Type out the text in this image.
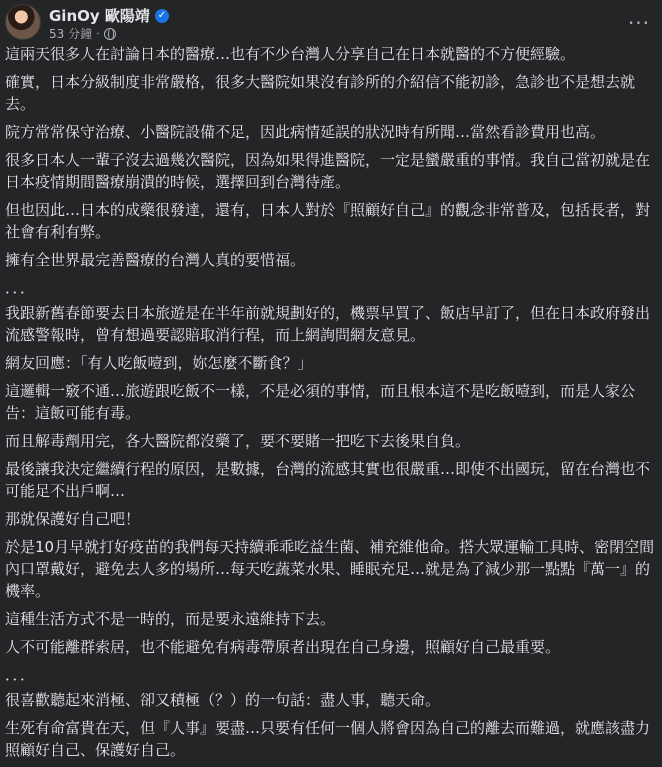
GinOy 歐陽靖 ✓
53 分鐘 ·	···

這兩天很多人在討論日本的醫療…也有不少台灣人分享自己在日本就醫的不方便經驗。

確實，日本分級制度非常嚴格，很多大醫院如果沒有診所的介紹信不能初診，急診也不是想去就去。

院方常常保守治療、小醫院設備不足，因此病情延誤的狀況時有所聞…當然看診費用也高。

很多日本人一輩子沒去過幾次醫院，因為如果得進醫院，一定是蠻嚴重的事情。我自己當初就是在日本疫情期間醫療崩潰的時候，選擇回到台灣待產。

但也因此…日本的成藥很發達，還有，日本人對於『照顧好自己』的觀念非常普及，包括長者，對社會有利有弊。

擁有全世界最完善醫療的台灣人真的要惜福。

．．．

我跟新舊春節要去日本旅遊是在半年前就規劃好的，機票早買了、飯店早訂了，但在日本政府發出流感警報時，曾有想過要認賠取消行程，而上網詢問網友意見。

網友回應：「有人吃飯噎到，妳怎麼不斷食？」

這邏輯一竅不通…旅遊跟吃飯不一樣，不是必須的事情，而且根本這不是吃飯噎到，而是人家公告：這飯可能有毒。

而且解毒劑用完，各大醫院都沒藥了，要不要賭一把吃下去後果自負。

最後讓我決定繼續行程的原因，是數據，台灣的流感其實也很嚴重…即使不出國玩，留在台灣也不可能足不出戶啊…

那就保護好自己吧！

於是10月早就打好疫苗的我們每天持續乖乖吃益生菌、補充維他命。搭大眾運輸工具時、密閉空間內口罩戴好，避免去人多的場所…每天吃蔬菜水果、睡眠充足…就是為了減少那一點點『萬一』的機率。

這種生活方式不是一時的，而是要永遠維持下去。

人不可能離群索居，也不能避免有病毒帶原者出現在自己身邊，照顧好自己最重要。

．．．

很喜歡聽起來消極、卻又積極（？）的一句話：盡人事，聽天命。

生死有命富貴在天，但『人事』要盡…只要有任何一個人將會因為自己的離去而難過，就應該盡力照顧好自己、保護好自己。
